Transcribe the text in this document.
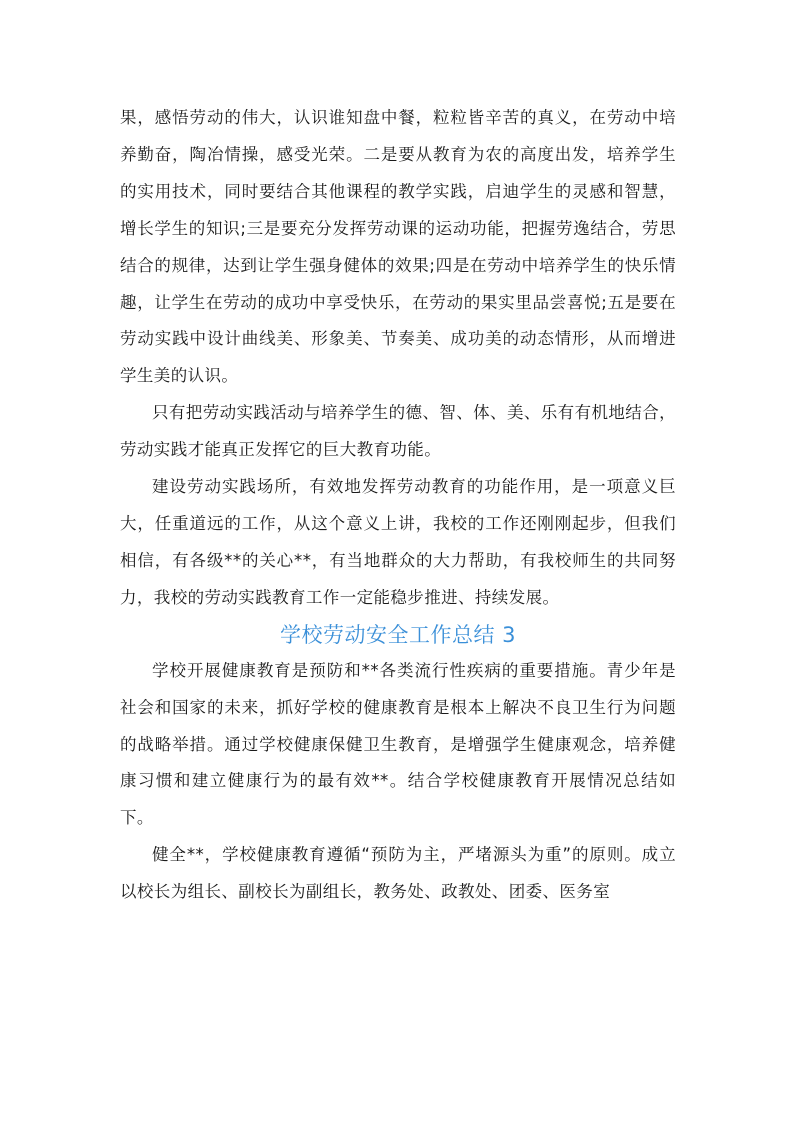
果，感悟劳动的伟大，认识谁知盘中餐，粒粒皆辛苦的真义，在劳动中培养勤奋，陶冶情操，感受光荣。二是要从教育为农的高度出发，培养学生的实用技术，同时要结合其他课程的教学实践，启迪学生的灵感和智慧，增长学生的知识;三是要充分发挥劳动课的运动功能，把握劳逸结合，劳思结合的规律，达到让学生强身健体的效果;四是在劳动中培养学生的快乐情趣，让学生在劳动的成功中享受快乐，在劳动的果实里品尝喜悦;五是要在劳动实践中设计曲线美、形象美、节奏美、成功美的动态情形，从而增进学生美的认识。

只有把劳动实践活动与培养学生的德、智、体、美、乐有有机地结合，劳动实践才能真正发挥它的巨大教育功能。

建设劳动实践场所，有效地发挥劳动教育的功能作用，是一项意义巨大，任重道远的工作，从这个意义上讲，我校的工作还刚刚起步，但我们相信，有各级**的关心**，有当地群众的大力帮助，有我校师生的共同努力，我校的劳动实践教育工作一定能稳步推进、持续发展。

学校劳动安全工作总结 3

学校开展健康教育是预防和**各类流行性疾病的重要措施。青少年是社会和国家的未来，抓好学校的健康教育是根本上解决不良卫生行为问题的战略举措。通过学校健康保健卫生教育，是增强学生健康观念，培养健康习惯和建立健康行为的最有效**。结合学校健康教育开展情况总结如下。

健全**，学校健康教育遵循“预防为主，严堵源头为重”的原则。成立以校长为组长、副校长为副组长，教务处、政教处、团委、医务室
